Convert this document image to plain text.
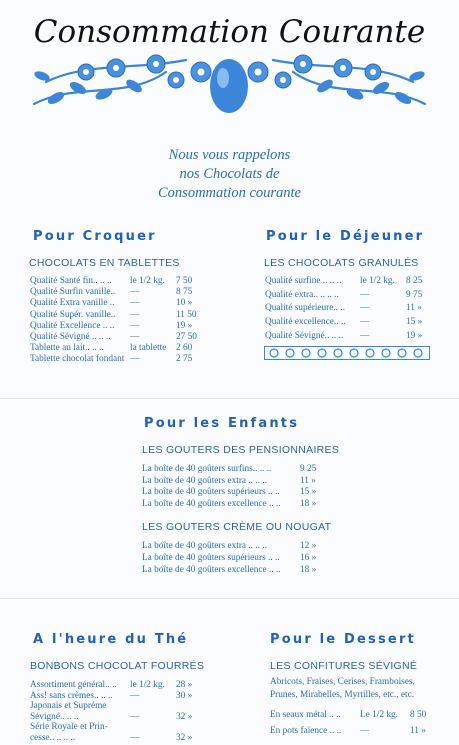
Consommation Courante
Nous vous rappelons
nos Chocolats de
Consommation courante
Pour Croquer
CHOCOLATS EN TABLETTES
Qualité Santé fin.. .. .. le 1/2 kg. 7 50
Qualité Surfin vanille.. —	8 75
Qualité Extra vanille .. —	10 »
Qualité Supér. vanille.. —	11 50
Qualité Excellence .. .. —	19 »
Qualité Sévigné .. .. .. —	27 50
Tablette au lait.. .. ..	la tablette 2 60
Tablette chocolat fondant —	2 75
Pour le Déjeuner
LES CHOCOLATS GRANULÉS
Qualité surfine .. .. .. le 1/2 kg. 8 25
Qualité extra.. .. .. .. —	9 75
Qualité supérieure.. .. —	11 »
Qualité excellence.. .. —	15 »
Qualité Sévigné.. .. .. —	19 »
Pour les Enfants
LES GOUTERS DES PENSIONNAIRES
La boîte de 40 goûters surfins.. .. ..	9 25
La boîte de 40 goûters extra .. .. ..	11 »
La boîte de 40 goûters supérieurs .. .. 15 »
La boîte de 40 goûters excellence .. .. 18 »
LES GOUTERS CRÈME OU NOUGAT
La boîte de 40 goûters extra .. .. ..	12 »
La boîte de 40 goûters supérieurs .. .. 16 »
La boîte de 40 goûters excellence .. .. 18 »
A l'heure du Thé
BONBONS CHOCOLAT FOURRÉS
Assortiment général.. .. le 1/2 kg. 28 »
Ass! sans crèmes.. .. .. —	30 »
Japonais et Supréme
Sévigné.. .. ..	—	32 »
Série Royale et Prin-
cesse.. .. .. ..	—	32 »
Pour le Dessert
LES CONFITURES SÉVIGNÉ
Abricots, Fraises, Cerises, Framboises,
Prunes, Mirabelles, Myrtilles, etc., etc.
En seaux métal .. .. Le 1/2 kg. 8 50
En pots faïence .. .. —	11 »
